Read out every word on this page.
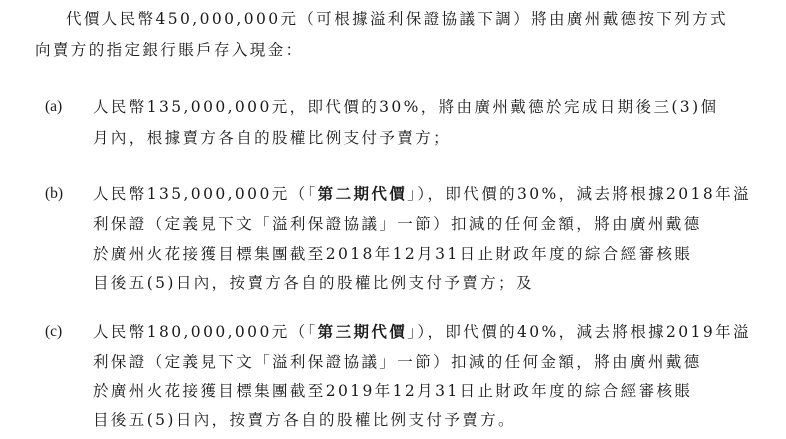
代價人民幣450,000,000元（可根據溢利保證協議下調）將由廣州戴德按下列方式
向賣方的指定銀行賬戶存入現金：
(a) 人民幣135,000,000元，即代價的30%，將由廣州戴德於完成日期後三(3)個
月內，根據賣方各自的股權比例支付予賣方；
(b) 人民幣135,000,000元（「第二期代價」），即代價的30%，減去將根據2018年溢
利保證（定義見下文「溢利保證協議」一節）扣減的任何金額，將由廣州戴德
於廣州火花接獲目標集團截至2018年12月31日止財政年度的綜合經審核賬
目後五(5)日內，按賣方各自的股權比例支付予賣方；及
(c) 人民幣180,000,000元（「第三期代價」），即代價的40%，減去將根據2019年溢
利保證（定義見下文「溢利保證協議」一節）扣減的任何金額，將由廣州戴德
於廣州火花接獲目標集團截至2019年12月31日止財政年度的綜合經審核賬
目後五(5)日內，按賣方各自的股權比例支付予賣方。
